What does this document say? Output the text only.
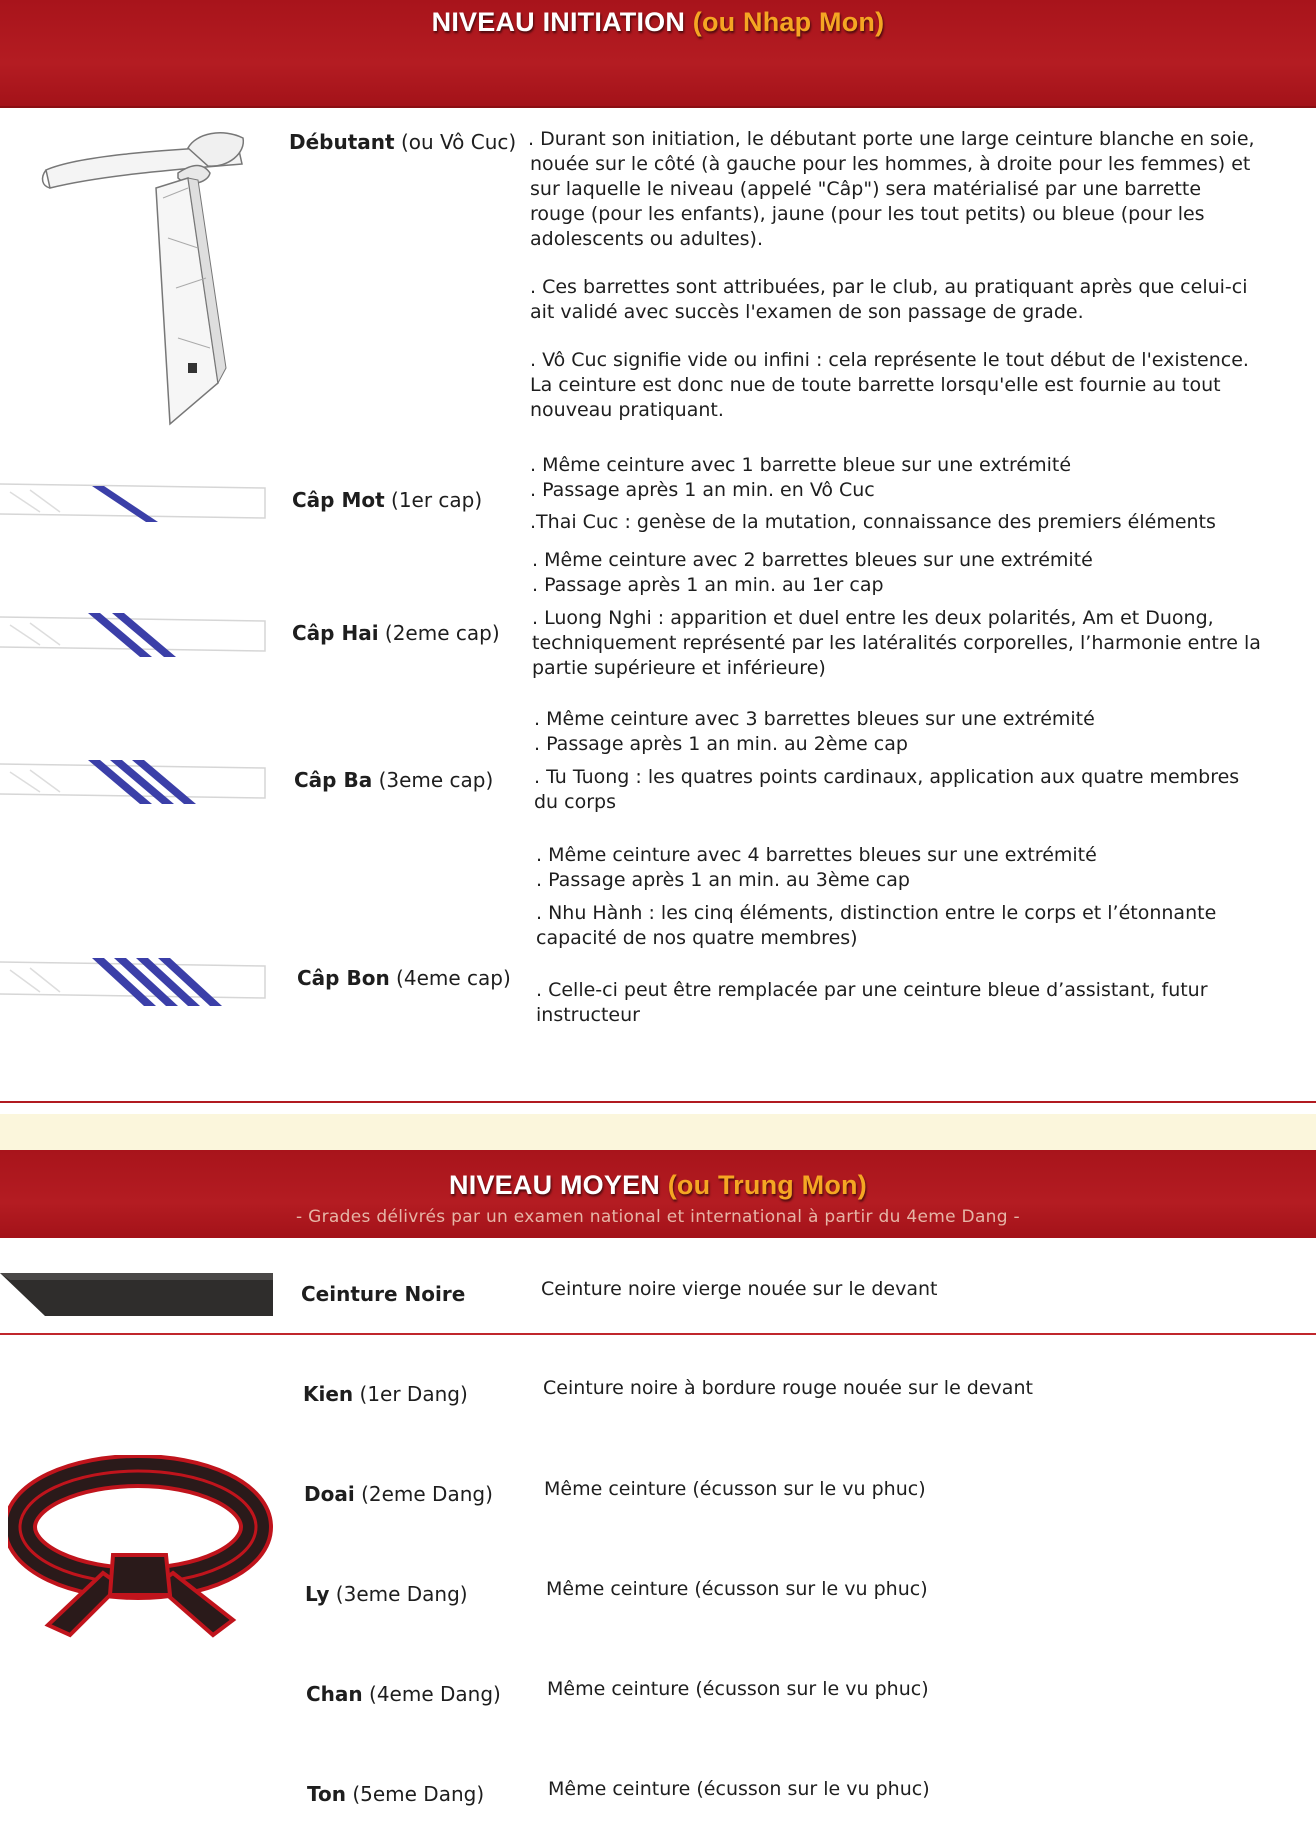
NIVEAU INITIATION (ou Nhap Mon)
Débutant (ou Vô Cuc) . Durant son initiation, le débutant porte une large ceinture blanche en soie,
nouée sur le côté (à gauche pour les hommes, à droite pour les femmes) et
sur laquelle le niveau (appelé "Câp") sera matérialisé par une barrette
rouge (pour les enfants), jaune (pour les tout petits) ou bleue (pour les
adolescents ou adultes).
. Ces barrettes sont attribuées, par le club, au pratiquant après que celui-ci
ait validé avec succès l'examen de son passage de grade.
. Vô Cuc signifie vide ou infini : cela représente le tout début de l'existence.
La ceinture est donc nue de toute barrette lorsqu'elle est fournie au tout
nouveau pratiquant.
Câp Mot (1er cap)
. Même ceinture avec 1 barrette bleue sur une extrémité
. Passage après 1 an min. en Vô Cuc
.Thai Cuc : genèse de la mutation, connaissance des premiers éléments
Câp Hai (2eme cap)
. Même ceinture avec 2 barrettes bleues sur une extrémité
. Passage après 1 an min. au 1er cap
. Luong Nghi : apparition et duel entre les deux polarités, Am et Duong,
techniquement représenté par les latéralités corporelles, l’harmonie entre la
partie supérieure et inférieure)
Câp Ba (3eme cap)
. Même ceinture avec 3 barrettes bleues sur une extrémité
. Passage après 1 an min. au 2ème cap
. Tu Tuong : les quatres points cardinaux, application aux quatre membres
du corps
Câp Bon (4eme cap)
. Même ceinture avec 4 barrettes bleues sur une extrémité
. Passage après 1 an min. au 3ème cap
. Nhu Hành : les cinq éléments, distinction entre le corps et l’étonnante
capacité de nos quatre membres)
. Celle-ci peut être remplacée par une ceinture bleue d’assistant, futur
instructeur
NIVEAU MOYEN (ou Trung Mon)
- Grades délivrés par un examen national et international à partir du 4eme Dang -
Ceinture Noire	Ceinture noire vierge nouée sur le devant
Kien (1er Dang)	Ceinture noire à bordure rouge nouée sur le devant
Doai (2eme Dang)	Même ceinture (écusson sur le vu phuc)
Ly (3eme Dang)	Même ceinture (écusson sur le vu phuc)
Chan (4eme Dang) Même ceinture (écusson sur le vu phuc)
Ton (5eme Dang)	Même ceinture (écusson sur le vu phuc)
